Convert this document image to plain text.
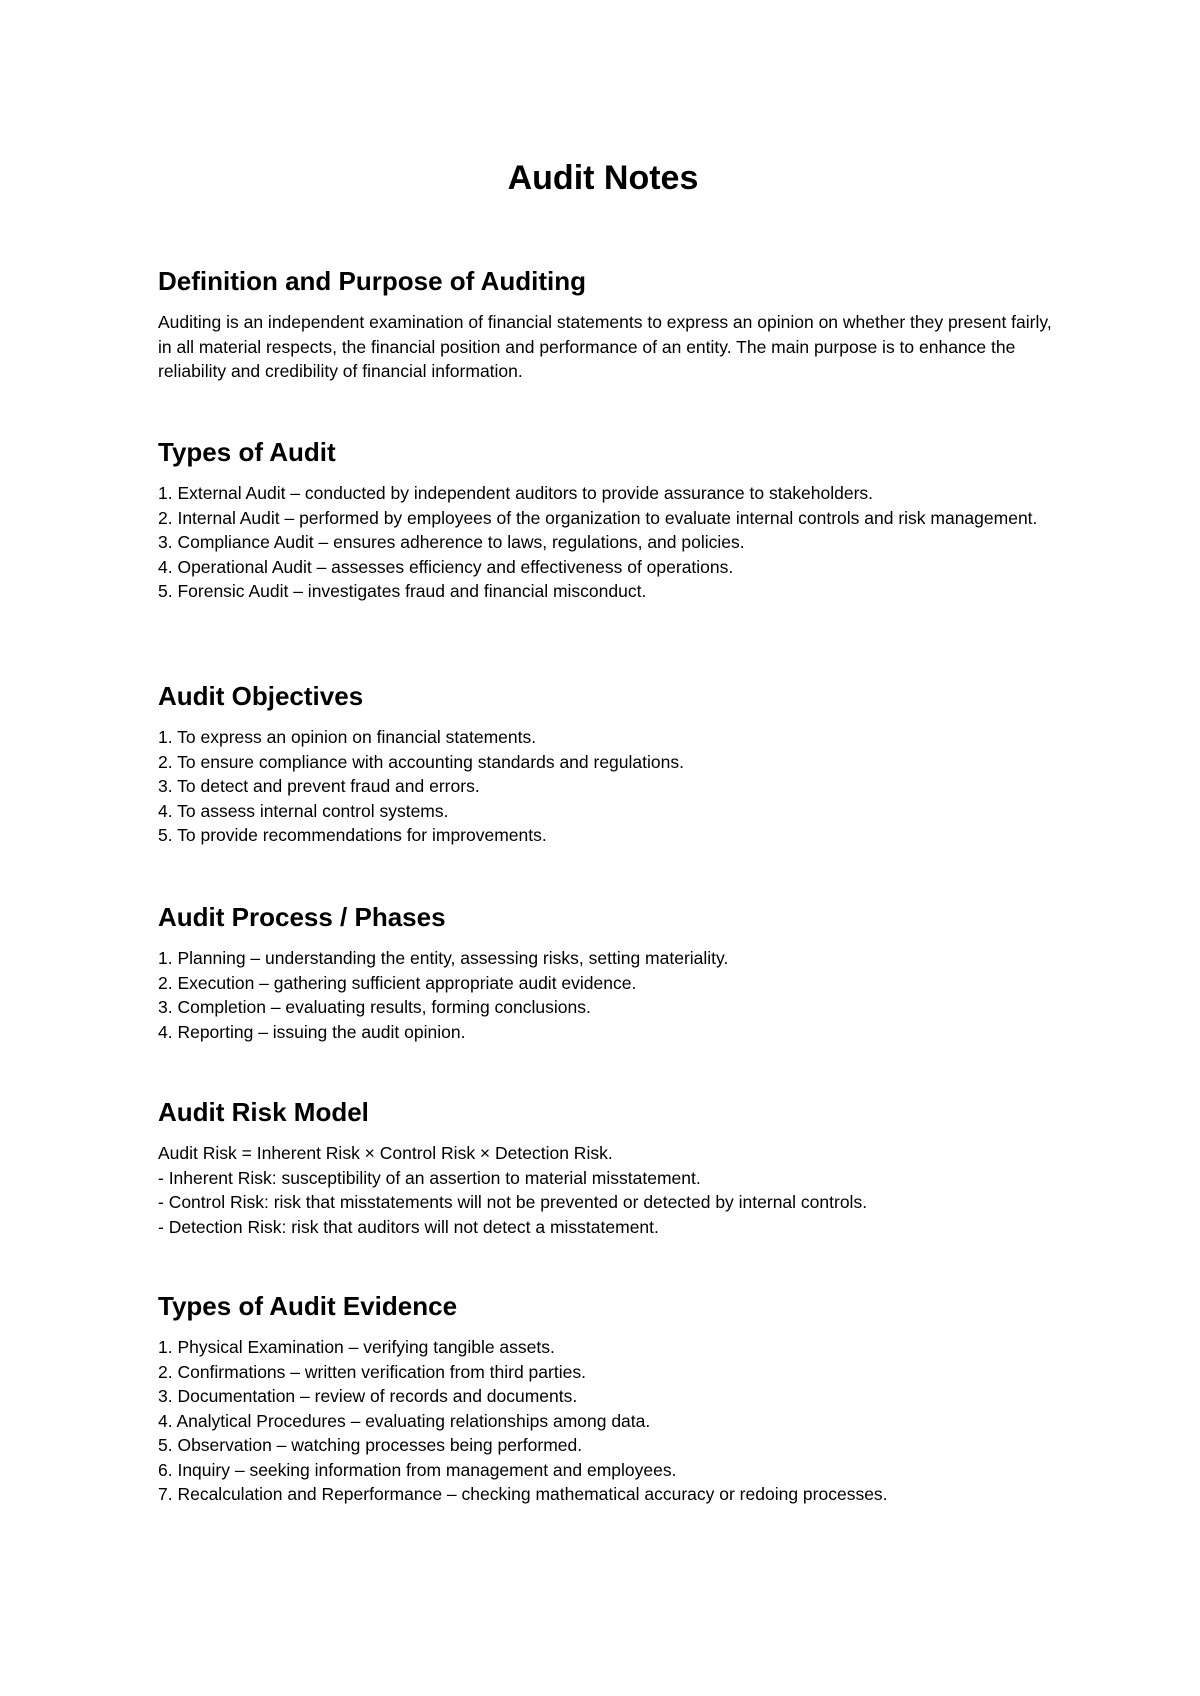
Audit Notes
Definition and Purpose of Auditing

Auditing is an independent examination of financial statements to express an opinion on whether they present fairly, in all material respects, the financial position and performance of an entity. The main purpose is to enhance the reliability and credibility of financial information.

Types of Audit
1. External Audit – conducted by independent auditors to provide assurance to stakeholders.
2. Internal Audit – performed by employees of the organization to evaluate internal controls and risk management.
3. Compliance Audit – ensures adherence to laws, regulations, and policies.
4. Operational Audit – assesses efficiency and effectiveness of operations.
5. Forensic Audit – investigates fraud and financial misconduct.
Audit Objectives
1. To express an opinion on financial statements.
2. To ensure compliance with accounting standards and regulations.
3. To detect and prevent fraud and errors.
4. To assess internal control systems.
5. To provide recommendations for improvements.
Audit Process / Phases
1. Planning – understanding the entity, assessing risks, setting materiality.
2. Execution – gathering sufficient appropriate audit evidence.
3. Completion – evaluating results, forming conclusions.
4. Reporting – issuing the audit opinion.
Audit Risk Model

Audit Risk = Inherent Risk × Control Risk × Detection Risk.

- Inherent Risk: susceptibility of an assertion to material misstatement.
- Control Risk: risk that misstatements will not be prevented or detected by internal controls.
- Detection Risk: risk that auditors will not detect a misstatement.
Types of Audit Evidence
1. Physical Examination – verifying tangible assets.
2. Confirmations – written verification from third parties.
3. Documentation – review of records and documents.
4. Analytical Procedures – evaluating relationships among data.
5. Observation – watching processes being performed.
6. Inquiry – seeking information from management and employees.
7. Recalculation and Reperformance – checking mathematical accuracy or redoing processes.
